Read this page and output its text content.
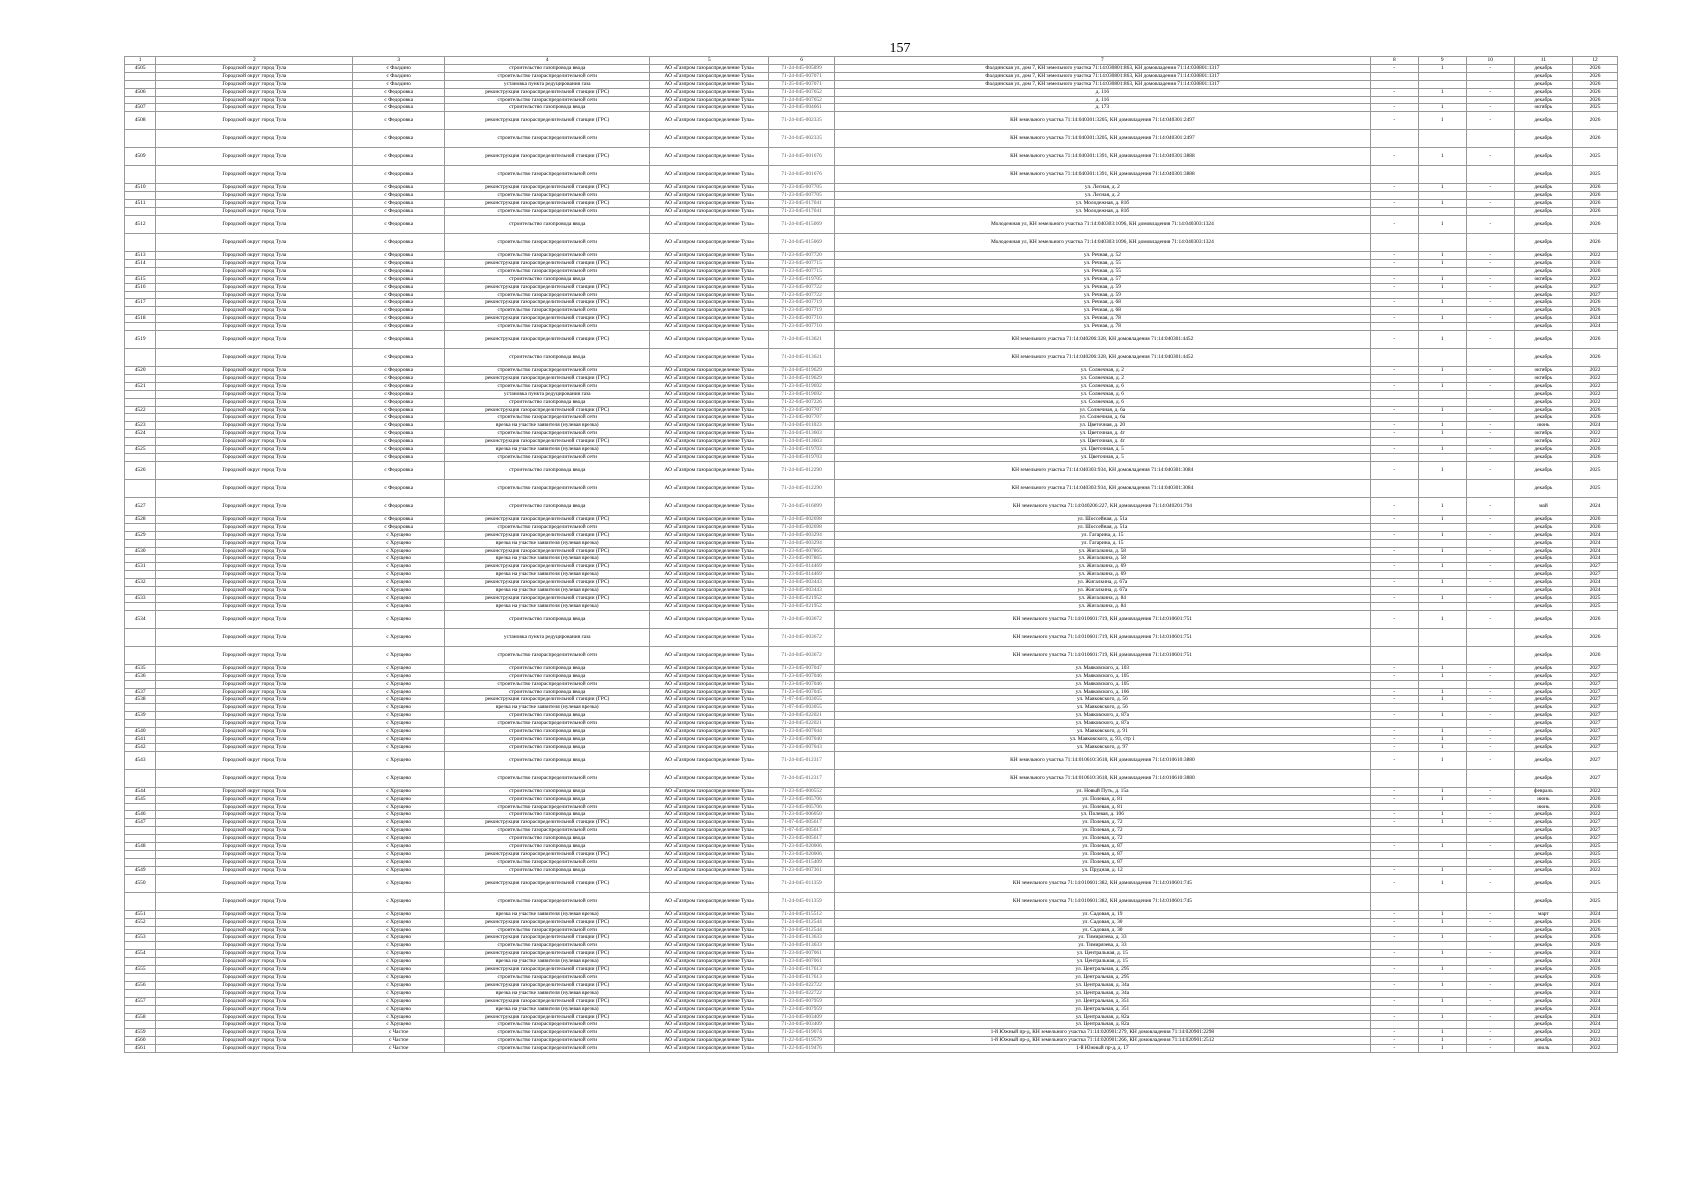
157
1	2	3	4	5	6	7	8	9	10	11	12
4505	Городской округ город Тула	с Фалдино	строительство газопровода ввода	АО «Газпром газораспределение Тула»	71-24-045-005899	Фалдинская ул, дом 7, КН земельного участка 71:14:030801:863, КН домовладения 71:14:030801:1317	-	1	-	декабрь	2026
	Городской округ город Тула	с Фалдино	строительство газораспределительной сети	АО «Газпром газораспределение Тула»	71-24-045-007071	Фалдинская ул, дом 7, КН земельного участка 71:14:030801:863, КН домовладения 71:14:030801:1317				декабрь	2026
	Городской округ город Тула	с Фалдино	установка пункта редуцирования газа	АО «Газпром газораспределение Тула»	71-25-045-007071	Фалдинская ул, дом 7, КН земельного участка 71:14:030801:863, КН домовладения 71:14:030801:1317				декабрь	2026
4506	Городской округ город Тула	с Федоровка	реконструкция газораспределительной станции (ГРС)	АО «Газпром газораспределение Тула»	71-24-045-007652	д. 116	-	1	-	декабрь	2026
	Городской округ город Тула	с Федоровка	строительство газораспределительной сети	АО «Газпром газораспределение Тула»	71-24-045-007652	д. 116				декабрь	2026
4507	Городской округ город Тула	с Федоровка	строительство газопровода ввода	АО «Газпром газораспределение Тула»	71-24-045-004661	д. 173	-	1	-	октябрь	2025
4508	Городской округ город Тула	с Федоровка	реконструкция газораспределительной станции (ГРС)	АО «Газпром газораспределение Тула»	71-24-045-002335	КН земельного участка 71:14:040301:3205, КН домовладения 71:14:040301:2497	-	1	-	декабрь	2026
	Городской округ город Тула	с Федоровка	строительство газораспределительной сети	АО «Газпром газораспределение Тула»	71-24-045-002335	КН земельного участка 71:14:040301:3205, КН домовладения 71:14:040301:2497				декабрь	2026
4509	Городской округ город Тула	с Федоровка	реконструкция газораспределительной станции (ГРС)	АО «Газпром газораспределение Тула»	71-24-045-001676	КН земельного участка 71:14:040301:1391, КН домовладения 71:14:040301:3888	-	1	-	декабрь	2025
	Городской округ город Тула	с Федоровка	строительство газораспределительной сети	АО «Газпром газораспределение Тула»	71-24-045-001676	КН земельного участка 71:14:040301:1391, КН домовладения 71:14:040301:3888				декабрь	2025
4510	Городской округ город Тула	с Федоровка	реконструкция газораспределительной станции (ГРС)	АО «Газпром газораспределение Тула»	71-23-045-007705	ул. Лесная, д. 2	-	1	-	декабрь	2026
	Городской округ город Тула	с Федоровка	строительство газораспределительной сети	АО «Газпром газораспределение Тула»	71-23-045-007705	ул. Лесная, д. 2				декабрь	2026
4511	Городской округ город Тула	с Федоровка	реконструкция газораспределительной станции (ГРС)	АО «Газпром газораспределение Тула»	71-23-045-017041	ул. Молодежная, д. 81б	-	1	-	декабрь	2026
	Городской округ город Тула	с Федоровка	строительство газораспределительной сети	АО «Газпром газораспределение Тула»	71-23-045-017041	ул. Молодежная, д. 81б				декабрь	2026
4512	Городской округ город Тула	с Федоровка	строительство газопровода ввода	АО «Газпром газораспределение Тула»	71-24-045-015069	Молодежная ул, КН земельного участка 71:14:040303:1096, КН домовладения 71:14:040303:1324	-	1	-	декабрь	2026
	Городской округ город Тула	с Федоровка	строительство газораспределительной сети	АО «Газпром газораспределение Тула»	71-24-045-015069	Молодежная ул, КН земельного участка 71:14:040303:1096, КН домовладения 71:14:040303:1324				декабрь	2026
4513	Городской округ город Тула	с Федоровка	строительство газораспределительной сети	АО «Газпром газораспределение Тула»	71-23-045-007720	ул. Речная, д. 52	-	1	-	декабрь	2022
4514	Городской округ город Тула	с Федоровка	реконструкция газораспределительной станции (ГРС)	АО «Газпром газораспределение Тула»	71-23-045-007715	ул. Речная, д. 55	-	1	-	декабрь	2026
	Городской округ город Тула	с Федоровка	строительство газораспределительной сети	АО «Газпром газораспределение Тула»	71-23-045-007715	ул. Речная, д. 55				декабрь	2026
4515	Городской округ город Тула	с Федоровка	строительство газопровода ввода	АО «Газпром газораспределение Тула»	71-23-045-019705	ул. Речная, д. 57	-	1	-	октябрь	2022
4516	Городской округ город Тула	с Федоровка	реконструкция газораспределительной станции (ГРС)	АО «Газпром газораспределение Тула»	71-23-045-007722	ул. Речная, д. 59	-	1	-	декабрь	2027
	Городской округ город Тула	с Федоровка	строительство газораспределительной сети	АО «Газпром газораспределение Тула»	71-23-045-007722	ул. Речная, д. 59				декабрь	2027
4517	Городской округ город Тула	с Федоровка	реконструкция газораспределительной станции (ГРС)	АО «Газпром газораспределение Тула»	71-23-045-007719	ул. Речная, д. 68	-	1	-	декабрь	2026
	Городской округ город Тула	с Федоровка	строительство газораспределительной сети	АО «Газпром газораспределение Тула»	71-23-045-007719	ул. Речная, д. 68				декабрь	2026
4518	Городской округ город Тула	с Федоровка	реконструкция газораспределительной станции (ГРС)	АО «Газпром газораспределение Тула»	71-23-045-007710	ул. Речная, д. 78	-	1	-	декабрь	2024
	Городской округ город Тула	с Федоровка	строительство газораспределительной сети	АО «Газпром газораспределение Тула»	71-23-045-007710	ул. Речная, д. 78				декабрь	2024
4519	Городской округ город Тула	с Федоровка	реконструкция газораспределительной станции (ГРС)	АО «Газпром газораспределение Тула»	71-24-045-013621	КН земельного участка 71:14:040206:328, КН домовладения 71:14:040301:4452	-	1	-	декабрь	2026
	Городской округ город Тула	с Федоровка	строительство газопровода ввода	АО «Газпром газораспределение Тула»	71-24-045-013621	КН земельного участка 71:14:040206:328, КН домовладения 71:14:040301:4452				декабрь	2026
4520	Городской округ город Тула	с Федоровка	строительство газораспределительной сети	АО «Газпром газораспределение Тула»	71-24-045-019629	ул. Солнечная, д. 2	-	1	-	октябрь	2022
	Городской округ город Тула	с Федоровка	реконструкция газораспределительной станции (ГРС)	АО «Газпром газораспределение Тула»	71-24-045-019629	ул. Солнечная, д. 2				октябрь	2022
4521	Городской округ город Тула	с Федоровка	строительство газораспределительной сети	АО «Газпром газораспределение Тула»	71-23-045-019692	ул. Солнечная, д. 6	-	1	-	декабрь	2022
	Городской округ город Тула	с Федоровка	установка пункта редуцирования газа	АО «Газпром газораспределение Тула»	71-23-045-019692	ул. Солнечная, д. 6				декабрь	2022
	Городской округ город Тула	с Федоровка	строительство газопровода ввода	АО «Газпром газораспределение Тула»	71-22-045-007226	ул. Солнечная, д. 6				декабрь	2022
4522	Городской округ город Тула	с Федоровка	реконструкция газораспределительной станции (ГРС)	АО «Газпром газораспределение Тула»	71-23-045-007707	ул. Солнечная, д. 6а	-	1	-	декабрь	2026
	Городской округ город Тула	с Федоровка	строительство газораспределительной сети	АО «Газпром газораспределение Тула»	71-23-045-007707	ул. Солнечная, д. 6а				декабрь	2026
4523	Городской округ город Тула	с Федоровка	врезка на участке заявителя (нулевая врезка)	АО «Газпром газораспределение Тула»	71-24-045-011023	ул. Цветочная, д. 20	-	1	-	июнь	2024
4524	Городской округ город Тула	с Федоровка	строительство газораспределительной сети	АО «Газпром газораспределение Тула»	71-24-045-013603	ул. Цветочная, д. 4г	-	1	-	октябрь	2022
	Городской округ город Тула	с Федоровка	реконструкция газораспределительной станции (ГРС)	АО «Газпром газораспределение Тула»	71-24-045-013603	ул. Цветочная, д. 4г				октябрь	2022
4525	Городской округ город Тула	с Федоровка	врезка на участке заявителя (нулевая врезка)	АО «Газпром газораспределение Тула»	71-24-045-019703	ул. Цветочная, д. 5	-	1	-	декабрь	2026
	Городской округ город Тула	с Федоровка	строительство газораспределительной сети	АО «Газпром газораспределение Тула»	71-24-045-019703	ул. Цветочная, д. 5				декабрь	2026
4526	Городской округ город Тула	с Федоровка	строительство газопровода ввода	АО «Газпром газораспределение Тула»	71-24-045-012290	КН земельного участка 71:14:040303:934, КН домовладения 71:14:040301:3084	-	1	-	декабрь	2025
	Городской округ город Тула	с Федоровка	строительство газораспределительной сети	АО «Газпром газораспределение Тула»	71-24-045-012290	КН земельного участка 71:14:040303:934, КН домовладения 71:14:040301:3084				декабрь	2025
4527	Городской округ город Тула	с Федоровка	строительство газопровода ввода	АО «Газпром газораспределение Тула»	71-24-045-016099	КН земельного участка 71:14:040206:227, КН домовладения 71:14:040201:794	-	1	-	май	2024
4528	Городской округ город Тула	с Федоровка	реконструкция газораспределительной станции (ГРС)	АО «Газпром газораспределение Тула»	71-24-045-002698	ул. Шоссейная, д. 51а	-	1	-	декабрь	2026
	Городской округ город Тула	с Федоровка	строительство газораспределительной сети	АО «Газпром газораспределение Тула»	71-24-045-002698	ул. Шоссейная, д. 51а				декабрь	2026
4529	Городской округ город Тула	с Хрущево	реконструкция газораспределительной станции (ГРС)	АО «Газпром газораспределение Тула»	71-24-045-003294	ул. Гагарина, д. 15	-	1	-	декабрь	2024
	Городской округ город Тула	с Хрущево	врезка на участке заявителя (нулевая врезка)	АО «Газпром газораспределение Тула»	71-24-045-003294	ул. Гагарина, д. 15				декабрь	2024
4530	Городской округ город Тула	с Хрущево	реконструкция газораспределительной станции (ГРС)	АО «Газпром газораспределение Тула»	71-23-045-007865	ул. Жигалкина, д. 58	-	1	-	декабрь	2024
	Городской округ город Тула	с Хрущево	врезка на участке заявителя (нулевая врезка)	АО «Газпром газораспределение Тула»	71-23-045-007865	ул. Жигалкина, д. 58				декабрь	2024
4531	Городской округ город Тула	с Хрущево	реконструкция газораспределительной станции (ГРС)	АО «Газпром газораспределение Тула»	71-23-045-014469	ул. Жигалкина, д. 69	-	1	-	декабрь	2027
	Городской округ город Тула	с Хрущево	врезка на участке заявителя (нулевая врезка)	АО «Газпром газораспределение Тула»	71-23-045-014469	ул. Жигалкина, д. 69				декабрь	2027
4532	Городской округ город Тула	с Хрущево	реконструкция газораспределительной станции (ГРС)	АО «Газпром газораспределение Тула»	71-24-045-003443	ул. Жигалкина, д. 67а	-	1	-	декабрь	2024
	Городской округ город Тула	с Хрущево	врезка на участке заявителя (нулевая врезка)	АО «Газпром газораспределение Тула»	71-24-045-003443	ул. Жигалкина, д. 67а				декабрь	2024
4533	Городской округ город Тула	с Хрущево	реконструкция газораспределительной станции (ГРС)	АО «Газпром газораспределение Тула»	71-24-045-021952	ул. Жигалкина, д. 84	-	1	-	декабрь	2025
	Городской округ город Тула	с Хрущево	врезка на участке заявителя (нулевая врезка)	АО «Газпром газораспределение Тула»	71-24-045-021952	ул. Жигалкина, д. 84				декабрь	2025
4534	Городской округ город Тула	с Хрущево	строительство газопровода ввода	АО «Газпром газораспределение Тула»	71-24-045-003672	КН земельного участка 71:14:010601:719, КН домовладения 71:14:010601:751	-	1	-	декабрь	2026
	Городской округ город Тула	с Хрущево	установка пункта редуцирования газа	АО «Газпром газораспределение Тула»	71-24-045-003672	КН земельного участка 71:14:010601:719, КН домовладения 71:14:010601:751				декабрь	2026
	Городской округ город Тула	с Хрущево	строительство газораспределительной сети	АО «Газпром газораспределение Тула»	71-24-045-003672	КН земельного участка 71:14:010601:719, КН домовладения 71:14:010601:751				декабрь	2026
4535	Городской округ город Тула	с Хрущево	строительство газопровода ввода	АО «Газпром газораспределение Тула»	71-23-045-007047	ул. Маяковского, д. 103	-	1	-	декабрь	2027
4536	Городской округ город Тула	с Хрущево	строительство газопровода ввода	АО «Газпром газораспределение Тула»	71-23-045-007046	ул. Маяковского, д. 105	-	1	-	декабрь	2027
	Городской округ город Тула	с Хрущево	строительство газораспределительной сети	АО «Газпром газораспределение Тула»	71-23-045-007046	ул. Маяковского, д. 105				декабрь	2027
4537	Городской округ город Тула	с Хрущево	строительство газопровода ввода	АО «Газпром газораспределение Тула»	71-23-045-007045	ул. Маяковского, д. 106	-	1	-	декабрь	2027
4538	Городской округ город Тула	с Хрущево	реконструкция газораспределительной станции (ГРС)	АО «Газпром газораспределение Тула»	71-07-045-003055	ул. Маяковского, д. 56	-	1	-	декабрь	2027
	Городской округ город Тула	с Хрущево	врезка на участке заявителя (нулевая врезка)	АО «Газпром газораспределение Тула»	71-07-045-003055	ул. Маяковского, д. 56				декабрь	2027
4539	Городской округ город Тула	с Хрущево	строительство газопровода ввода	АО «Газпром газораспределение Тула»	71-24-045-022021	ул. Маяковского, д. 87а	-	1	-	декабрь	2027
	Городской округ город Тула	с Хрущево	строительство газораспределительной сети	АО «Газпром газораспределение Тула»	71-24-045-022021	ул. Маяковского, д. 87а				декабрь	2027
4540	Городской округ город Тула	с Хрущево	строительство газопровода ввода	АО «Газпром газораспределение Тула»	71-23-045-007044	ул. Маяковского, д. 91	-	1	-	декабрь	2027
4541	Городской округ город Тула	с Хрущево	строительство газопровода ввода	АО «Газпром газораспределение Тула»	71-23-045-007040	ул. Маяковского, д. 93, стр 1	-	1	-	декабрь	2027
4542	Городской округ город Тула	с Хрущево	строительство газопровода ввода	АО «Газпром газораспределение Тула»	71-23-045-007043	ул. Маяковского, д. 97	-	1	-	декабрь	2027
4543	Городской округ город Тула	с Хрущево	строительство газопровода ввода	АО «Газпром газораспределение Тула»	71-24-045-012317	КН земельного участка 71:14:010610:3618, КН домовладения 71:14:010610:3880	-	1	-	декабрь	2027
	Городской округ город Тула	с Хрущево	строительство газораспределительной сети	АО «Газпром газораспределение Тула»	71-24-045-012317	КН земельного участка 71:14:010610:3618, КН домовладения 71:14:010610:3880				декабрь	2027
4544	Городской округ город Тула	с Хрущево	строительство газопровода ввода	АО «Газпром газораспределение Тула»	71-23-045-000552	ул. Новый Путь, д. 15а	-	1	-	февраль	2022
4545	Городской округ город Тула	с Хрущево	строительство газопровода ввода	АО «Газпром газораспределение Тула»	71-23-045-005706	ул. Полевая, д. 81	-	1	-	июнь	2026
	Городской округ город Тула	с Хрущево	строительство газораспределительной сети	АО «Газпром газораспределение Тула»	71-23-045-005706	ул. Полевая, д. 81				июнь	2026
4546	Городской округ город Тула	с Хрущево	строительство газопровода ввода	АО «Газпром газораспределение Тула»	71-23-045-006050	ул. Полевая, д. 106	-	1	-	декабрь	2022
4547	Городской округ город Тула	с Хрущево	реконструкция газораспределительной станции (ГРС)	АО «Газпром газораспределение Тула»	71-07-045-005617	ул. Полевая, д. 72	-	1	-	декабрь	2027
	Городской округ город Тула	с Хрущево	строительство газораспределительной сети	АО «Газпром газораспределение Тула»	71-07-045-005617	ул. Полевая, д. 72				декабрь	2027
	Городской округ город Тула	с Хрущево	строительство газопровода ввода	АО «Газпром газораспределение Тула»	71-23-045-005617	ул. Полевая, д. 72				декабрь	2027
4548	Городской округ город Тула	с Хрущево	строительство газопровода ввода	АО «Газпром газораспределение Тула»	71-23-045-020006	ул. Полевая, д. 87	-	1	-	декабрь	2025
	Городской округ город Тула	с Хрущево	реконструкция газораспределительной станции (ГРС)	АО «Газпром газораспределение Тула»	71-23-045-020006	ул. Полевая, д. 87				декабрь	2025
	Городской округ город Тула	с Хрущево	строительство газораспределительной сети	АО «Газпром газораспределение Тула»	71-23-045-015409	ул. Полевая, д. 87				декабрь	2025
4549	Городской округ город Тула	с Хрущево	строительство газопровода ввода	АО «Газпром газораспределение Тула»	71-23-045-007361	ул. Прудная, д. 12	-	1	-	декабрь	2022
4550	Городской округ город Тула	с Хрущево	реконструкция газораспределительной станции (ГРС)	АО «Газпром газораспределение Тула»	71-24-045-011359	КН земельного участка 71:14:010601:382, КН домовладения 71:14:010601:745	-	1	-	декабрь	2025
	Городской округ город Тула	с Хрущево	строительство газораспределительной сети	АО «Газпром газораспределение Тула»	71-24-045-011359	КН земельного участка 71:14:010601:382, КН домовладения 71:14:010601:745				декабрь	2025
4551	Городской округ город Тула	с Хрущево	врезка на участке заявителя (нулевая врезка)	АО «Газпром газораспределение Тула»	71-24-045-015512	ул. Садовая, д. 19	-	1	-	март	2024
4552	Городской округ город Тула	с Хрущево	реконструкция газораспределительной станции (ГРС)	АО «Газпром газораспределение Тула»	71-24-045-012544	ул. Садовая, д. 30	-	1	-	декабрь	2026
	Городской округ город Тула	с Хрущево	строительство газораспределительной сети	АО «Газпром газораспределение Тула»	71-24-045-012544	ул. Садовая, д. 30				декабрь	2026
4553	Городской округ город Тула	с Хрущево	реконструкция газораспределительной станции (ГРС)	АО «Газпром газораспределение Тула»	71-24-045-013633	ул. Тимирязева, д. 33	-	1	-	декабрь	2026
	Городской округ город Тула	с Хрущево	строительство газораспределительной сети	АО «Газпром газораспределение Тула»	71-24-045-013633	ул. Тимирязева, д. 33				декабрь	2026
4554	Городской округ город Тула	с Хрущево	реконструкция газораспределительной станции (ГРС)	АО «Газпром газораспределение Тула»	71-23-045-007061	ул. Центральная, д. 15	-	1	-	декабрь	2024
	Городской округ город Тула	с Хрущево	врезка на участке заявителя (нулевая врезка)	АО «Газпром газораспределение Тула»	71-23-045-007061	ул. Центральная, д. 15				декабрь	2024
4555	Городской округ город Тула	с Хрущево	реконструкция газораспределительной станции (ГРС)	АО «Газпром газораспределение Тула»	71-24-045-017613	ул. Центральная, д. 295	-	1	-	декабрь	2026
	Городской округ город Тула	с Хрущево	строительство газораспределительной сети	АО «Газпром газораспределение Тула»	71-24-045-017613	ул. Центральная, д. 295				декабрь	2026
4556	Городской округ город Тула	с Хрущево	реконструкция газораспределительной станции (ГРС)	АО «Газпром газораспределение Тула»	71-24-045-022722	ул. Центральная, д. 34а	-	1	-	декабрь	2024
	Городской округ город Тула	с Хрущево	врезка на участке заявителя (нулевая врезка)	АО «Газпром газораспределение Тула»	71-24-045-022722	ул. Центральная, д. 34а				декабрь	2024
4557	Городской округ город Тула	с Хрущево	реконструкция газораспределительной станции (ГРС)	АО «Газпром газораспределение Тула»	71-23-045-007959	ул. Центральная, д. 351	-	1	-	декабрь	2024
	Городской округ город Тула	с Хрущево	врезка на участке заявителя (нулевая врезка)	АО «Газпром газораспределение Тула»	71-23-045-007959	ул. Центральная, д. 351				декабрь	2024
4558	Городской округ город Тула	с Хрущево	реконструкция газораспределительной станции (ГРС)	АО «Газпром газораспределение Тула»	71-24-045-003409	ул. Центральная, д. 82а	-	1	-	декабрь	2024
	Городской округ город Тула	с Хрущево	строительство газораспределительной сети	АО «Газпром газораспределение Тула»	71-24-045-003409	ул. Центральная, д. 82а				декабрь	2024
4559	Городской округ город Тула	с Частое	строительство газораспределительной сети	АО «Газпром газораспределение Тула»	71-22-045-019074	1-й Южный пр-д, КН земельного участка 71:14:020901:279, КН домовладения 71:14:020901:2298	-	1	-	декабрь	2022
4560	Городской округ город Тула	с Частое	строительство газораспределительной сети	АО «Газпром газораспределение Тула»	71-22-045-019579	1-й Южный пр-д, КН земельного участка 71:14:020901:266, КН домовладения 71:14:020901:2512	-	1	-	декабрь	2022
4561	Городской округ город Тула	с Частое	строительство газораспределительной сети	АО «Газпром газораспределение Тула»	71-22-045-019476	1-й Южный пр-д, д. 17	-	1	-	июль	2022
